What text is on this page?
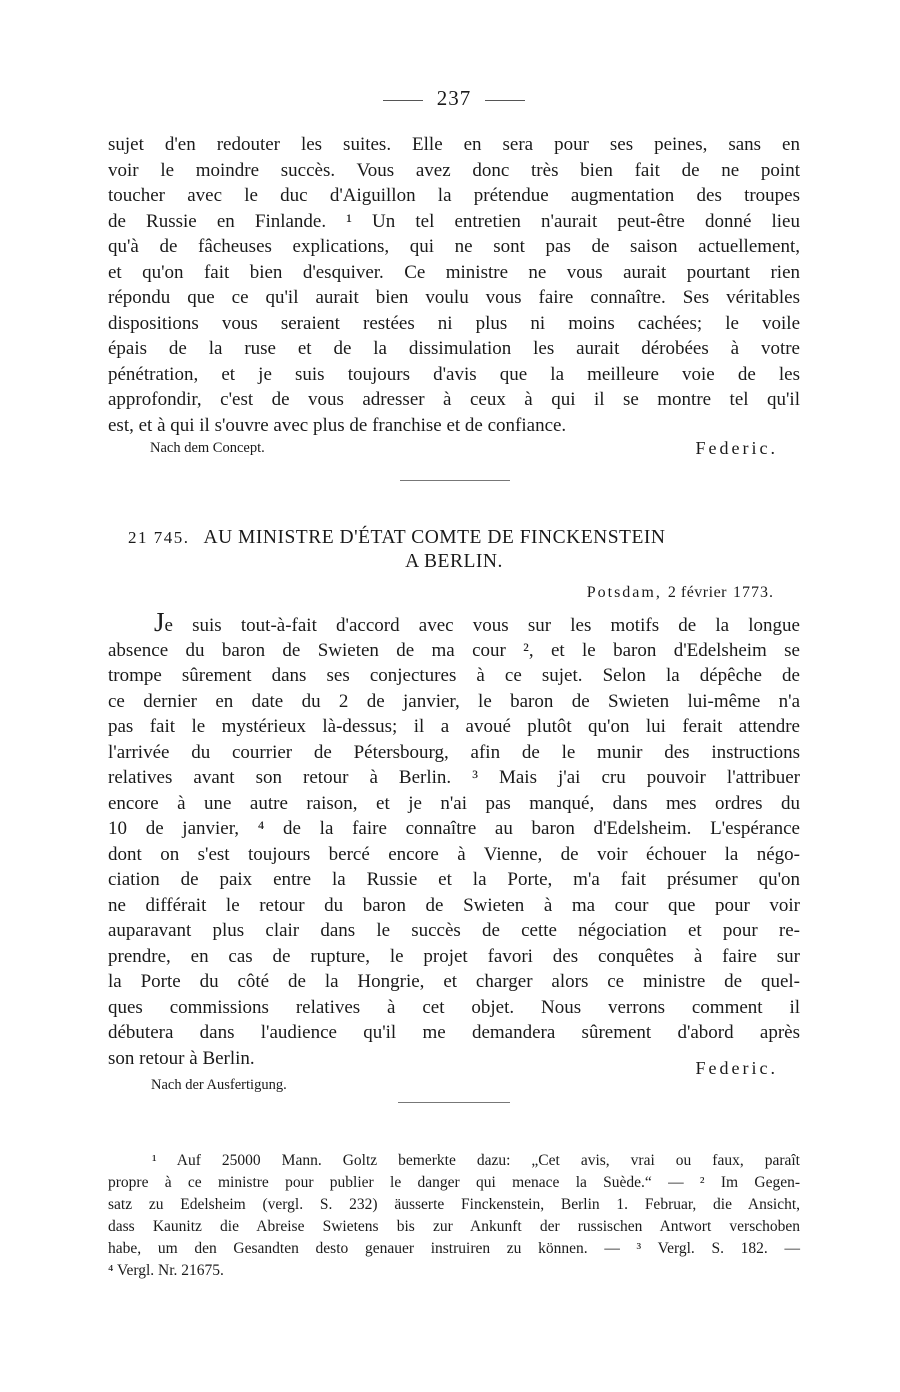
237
sujet d'en redouter les suites. Elle en sera pour ses peines, sans en
voir le moindre succès. Vous avez donc très bien fait de ne point
toucher avec le duc d'Aiguillon la prétendue augmentation des troupes
de Russie en Finlande. ¹ Un tel entretien n'aurait peut-être donné lieu
qu'à de fâcheuses explications, qui ne sont pas de saison actuellement,
et qu'on fait bien d'esquiver. Ce ministre ne vous aurait pourtant rien
répondu que ce qu'il aurait bien voulu vous faire connaître. Ses véritables
dispositions vous seraient restées ni plus ni moins cachées; le voile
épais de la ruse et de la dissimulation les aurait dérobées à votre
pénétration, et je suis toujours d'avis que la meilleure voie de les
approfondir, c'est de vous adresser à ceux à qui il se montre tel qu'il
est, et à qui il s'ouvre avec plus de franchise et de confiance.
Nach dem Concept.	Federic.
21 745. AU MINISTRE D'ÉTAT COMTE DE FINCKENSTEIN
A BERLIN.
Potsdam, 2 février 1773.
Je suis tout-à-fait d'accord avec vous sur les motifs de la longue
absence du baron de Swieten de ma cour ², et le baron d'Edelsheim se
trompe sûrement dans ses conjectures à ce sujet. Selon la dépêche de
ce dernier en date du 2 de janvier, le baron de Swieten lui-même n'a
pas fait le mystérieux là-dessus; il a avoué plutôt qu'on lui ferait attendre
l'arrivée du courrier de Pétersbourg, afin de le munir des instructions
relatives avant son retour à Berlin. ³ Mais j'ai cru pouvoir l'attribuer
encore à une autre raison, et je n'ai pas manqué, dans mes ordres du
10 de janvier, ⁴ de la faire connaître au baron d'Edelsheim. L'espérance
dont on s'est toujours bercé encore à Vienne, de voir échouer la négo-
ciation de paix entre la Russie et la Porte, m'a fait présumer qu'on
ne différait le retour du baron de Swieten à ma cour que pour voir
auparavant plus clair dans le succès de cette négociation et pour re-
prendre, en cas de rupture, le projet favori des conquêtes à faire sur
la Porte du côté de la Hongrie, et charger alors ce ministre de quel-
ques commissions relatives à cet objet. Nous verrons comment il
débutera dans l'audience qu'il me demandera sûrement d'abord après
son retour à Berlin.	Federic.
Nach der Ausfertigung.
¹ Auf 25000 Mann. Goltz bemerkte dazu: „Cet avis, vrai ou faux, paraît
propre à ce ministre pour publier le danger qui menace la Suède.“ — ² Im Gegen-
satz zu Edelsheim (vergl. S. 232) äusserte Finckenstein, Berlin 1. Februar, die Ansicht,
dass Kaunitz die Abreise Swietens bis zur Ankunft der russischen Antwort verschoben
habe, um den Gesandten desto genauer instruiren zu können. — ³ Vergl. S. 182. —
⁴ Vergl. Nr. 21675.
